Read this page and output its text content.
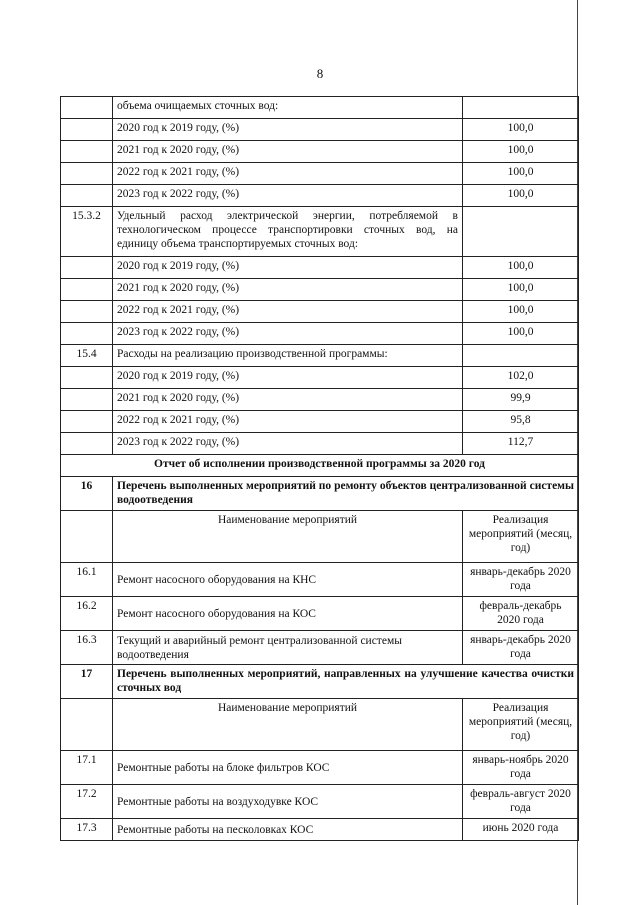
8
	объема очищаемых сточных вод:	
	2020 год к 2019 году, (%)	100,0
	2021 год к 2020 году, (%)	100,0
	2022 год к 2021 году, (%)	100,0
	2023 год к 2022 году, (%)	100,0
15.3.2	Удельный расход электрической энергии, потребляемой в технологическом процессе транспортировки сточных вод, на единицу объема транспортируемых сточных вод:	
	2020 год к 2019 году, (%)	100,0
	2021 год к 2020 году, (%)	100,0
	2022 год к 2021 году, (%)	100,0
	2023 год к 2022 году, (%)	100,0
15.4	Расходы на реализацию производственной программы:	
	2020 год к 2019 году, (%)	102,0
	2021 год к 2020 году, (%)	99,9
	2022 год к 2021 году, (%)	95,8
	2023 год к 2022 году, (%)	112,7
Отчет об исполнении производственной программы за 2020 год		
16	Перечень выполненных мероприятий по ремонту объектов централизованной системы водоотведения	
	Наименование мероприятий	Реализация мероприятий (месяц, год)
16.1	Ремонт насосного оборудования на КНС	январь-декабрь 2020 года
16.2	Ремонт насосного оборудования на КОС	февраль-декабрь 2020 года
16.3	Текущий и аварийный ремонт централизованной системы водоотведения	январь-декабрь 2020 года
17	Перечень выполненных мероприятий, направленных на улучшение качества очистки сточных вод	
	Наименование мероприятий	Реализация мероприятий (месяц, год)
17.1	Ремонтные работы на блоке фильтров КОС	январь-ноябрь 2020 года
17.2	Ремонтные работы на воздуходувке КОС	февраль-август 2020 года
17.3	Ремонтные работы на песколовках КОС	июнь 2020 года
